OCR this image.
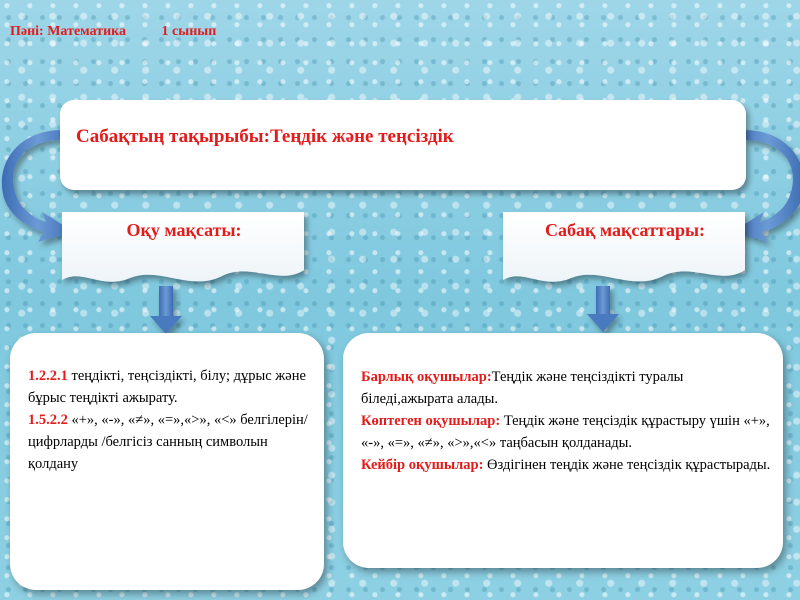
Пәні: Математика	1 сынып
Сабақтың тақырыбы:Теңдік және теңсіздік
Оқу мақсаты:	Сабақ мақсаттары:

1.2.2.1 теңдікті, теңсіздікті, білу; дұрыс және бұрыс теңдікті ажырату.

1.5.2.2 «+», «-», «≠», «=»,«>», «<» белгілерін/ цифрларды /белгісіз санның символын қолдану

Барлық оқушылар:Теңдік және теңсіздікті туралы біледі,ажырата алады.

Көптеген оқушылар: Теңдік және теңсіздік құрастыру үшін «+», «-», «=», «≠», «>»,«<» таңбасын қолданады.

Кейбір оқушылар: Өздігінен теңдік және теңсіздік құрастырады.
